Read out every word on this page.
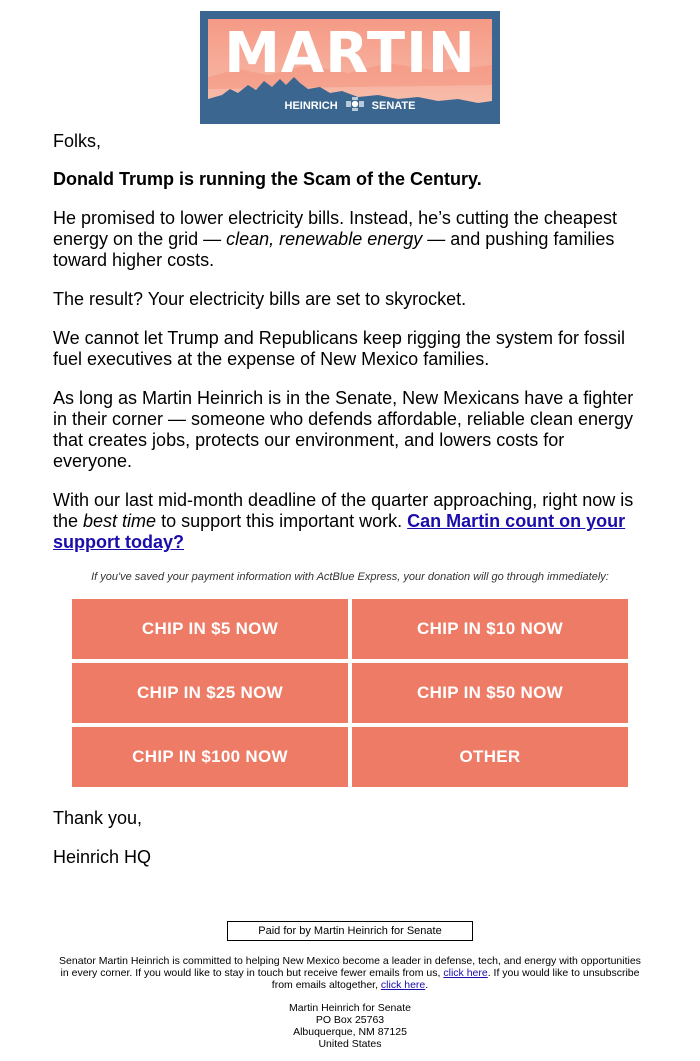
MARTIN
HEINRICH	SENATE

Folks,

Donald Trump is running the Scam of the Century.

He promised to lower electricity bills. Instead, he’s cutting the cheapest energy on the grid — clean, renewable energy — and pushing families toward higher costs.

The result? Your electricity bills are set to skyrocket.

We cannot let Trump and Republicans keep rigging the system for fossil fuel executives at the expense of New Mexico families.

As long as Martin Heinrich is in the Senate, New Mexicans have a fighter in their corner — someone who defends affordable, reliable clean energy that creates jobs, protects our environment, and lowers costs for everyone.

With our last mid-month deadline of the quarter approaching, right now is the best time to support this important work. Can Martin count on your support today?

If you've saved your payment information with ActBlue Express, your donation will go through immediately:
CHIP IN $5 NOW	CHIP IN $10 NOW
CHIP IN $25 NOW	CHIP IN $50 NOW
CHIP IN $100 NOW	OTHER
Thank you,
Heinrich HQ
Paid for by Martin Heinrich for Senate
Senator Martin Heinrich is committed to helping New Mexico become a leader in defense, tech, and energy with opportunities in every corner. If you would like to stay in touch but receive fewer emails from us, click here. If you would like to unsubscribe from emails altogether, click here.
Martin Heinrich for Senate
PO Box 25763
Albuquerque, NM 87125
United States
